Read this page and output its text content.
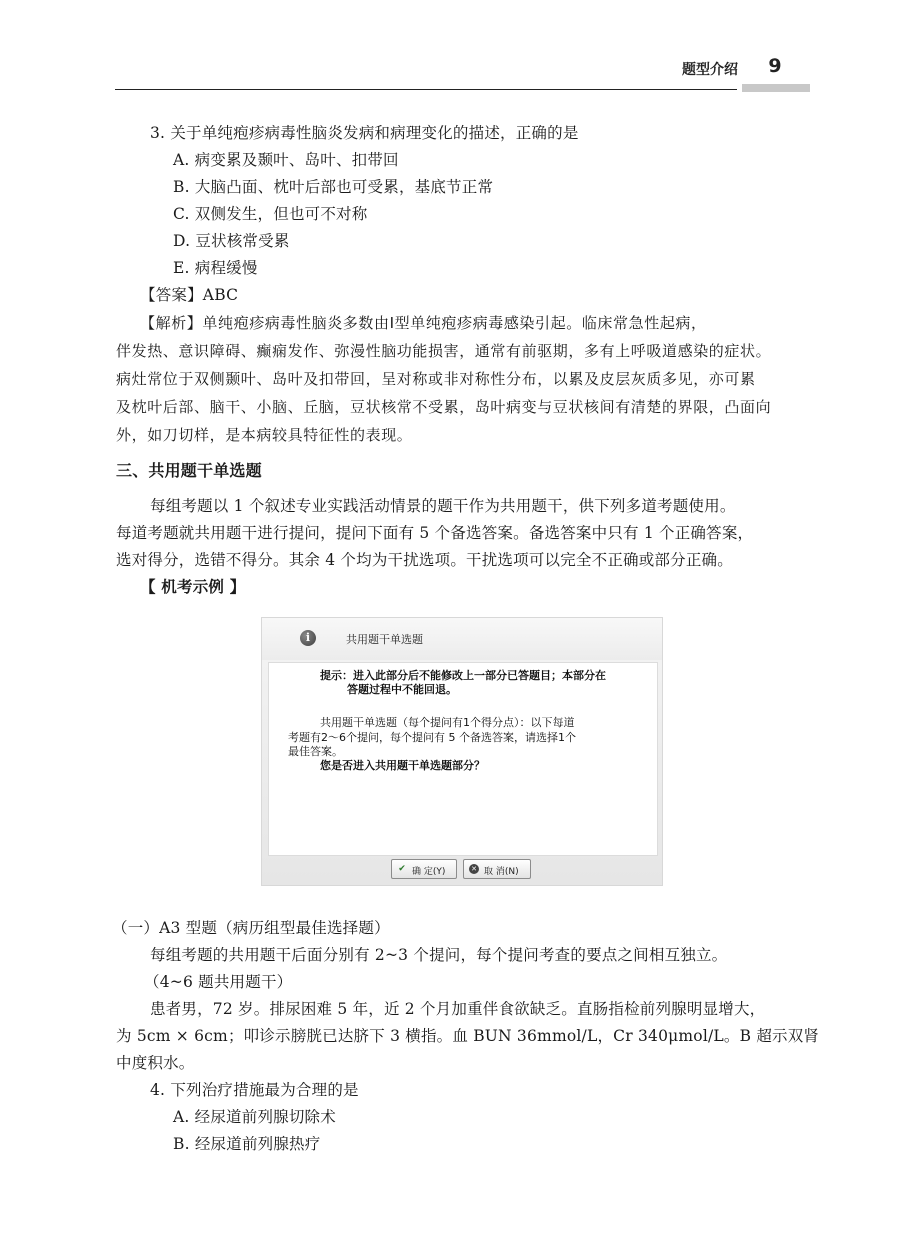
题型介绍	9
3. 关于单纯疱疹病毒性脑炎发病和病理变化的描述，正确的是
A. 病变累及颞叶、岛叶、扣带回
B. 大脑凸面、枕叶后部也可受累，基底节正常
C. 双侧发生，但也可不对称
D. 豆状核常受累
E. 病程缓慢
【答案】ABC
【解析】单纯疱疹病毒性脑炎多数由Ⅰ型单纯疱疹病毒感染引起。临床常急性起病，
伴发热、意识障碍、癫痫发作、弥漫性脑功能损害，通常有前驱期，多有上呼吸道感染的症状。
病灶常位于双侧颞叶、岛叶及扣带回，呈对称或非对称性分布，以累及皮层灰质多见，亦可累
及枕叶后部、脑干、小脑、丘脑，豆状核常不受累，岛叶病变与豆状核间有清楚的界限，凸面向
外，如刀切样，是本病较具特征性的表现。
三、共用题干单选题
每组考题以 1 个叙述专业实践活动情景的题干作为共用题干，供下列多道考题使用。
每道考题就共用题干进行提问，提问下面有 5 个备选答案。备选答案中只有 1 个正确答案，
选对得分，选错不得分。其余 4 个均为干扰选项。干扰选项可以完全不正确或部分正确。
【 机考示例 】
i	共用题干单选题
提示：进入此部分后不能修改上一部分已答题目；本部分在
答题过程中不能回退。
共用题干单选题（每个提问有1个得分点）：以下每道
考题有2～6个提问，每个提问有 5 个备选答案，请选择1个
最佳答案。
您是否进入共用题干单选题部分？
✔ 确 定(Y)	✕ 取 消(N)
（一）A3 型题（病历组型最佳选择题）
每组考题的共用题干后面分别有 2~3 个提问，每个提问考查的要点之间相互独立。
（4~6 题共用题干）
患者男，72 岁。排尿困难 5 年，近 2 个月加重伴食欲缺乏。直肠指检前列腺明显增大，
为 5cm × 6cm；叩诊示膀胱已达脐下 3 横指。血 BUN 36mmol/L，Cr 340μmol/L。B 超示双肾
中度积水。
4. 下列治疗措施最为合理的是
A. 经尿道前列腺切除术
B. 经尿道前列腺热疗
